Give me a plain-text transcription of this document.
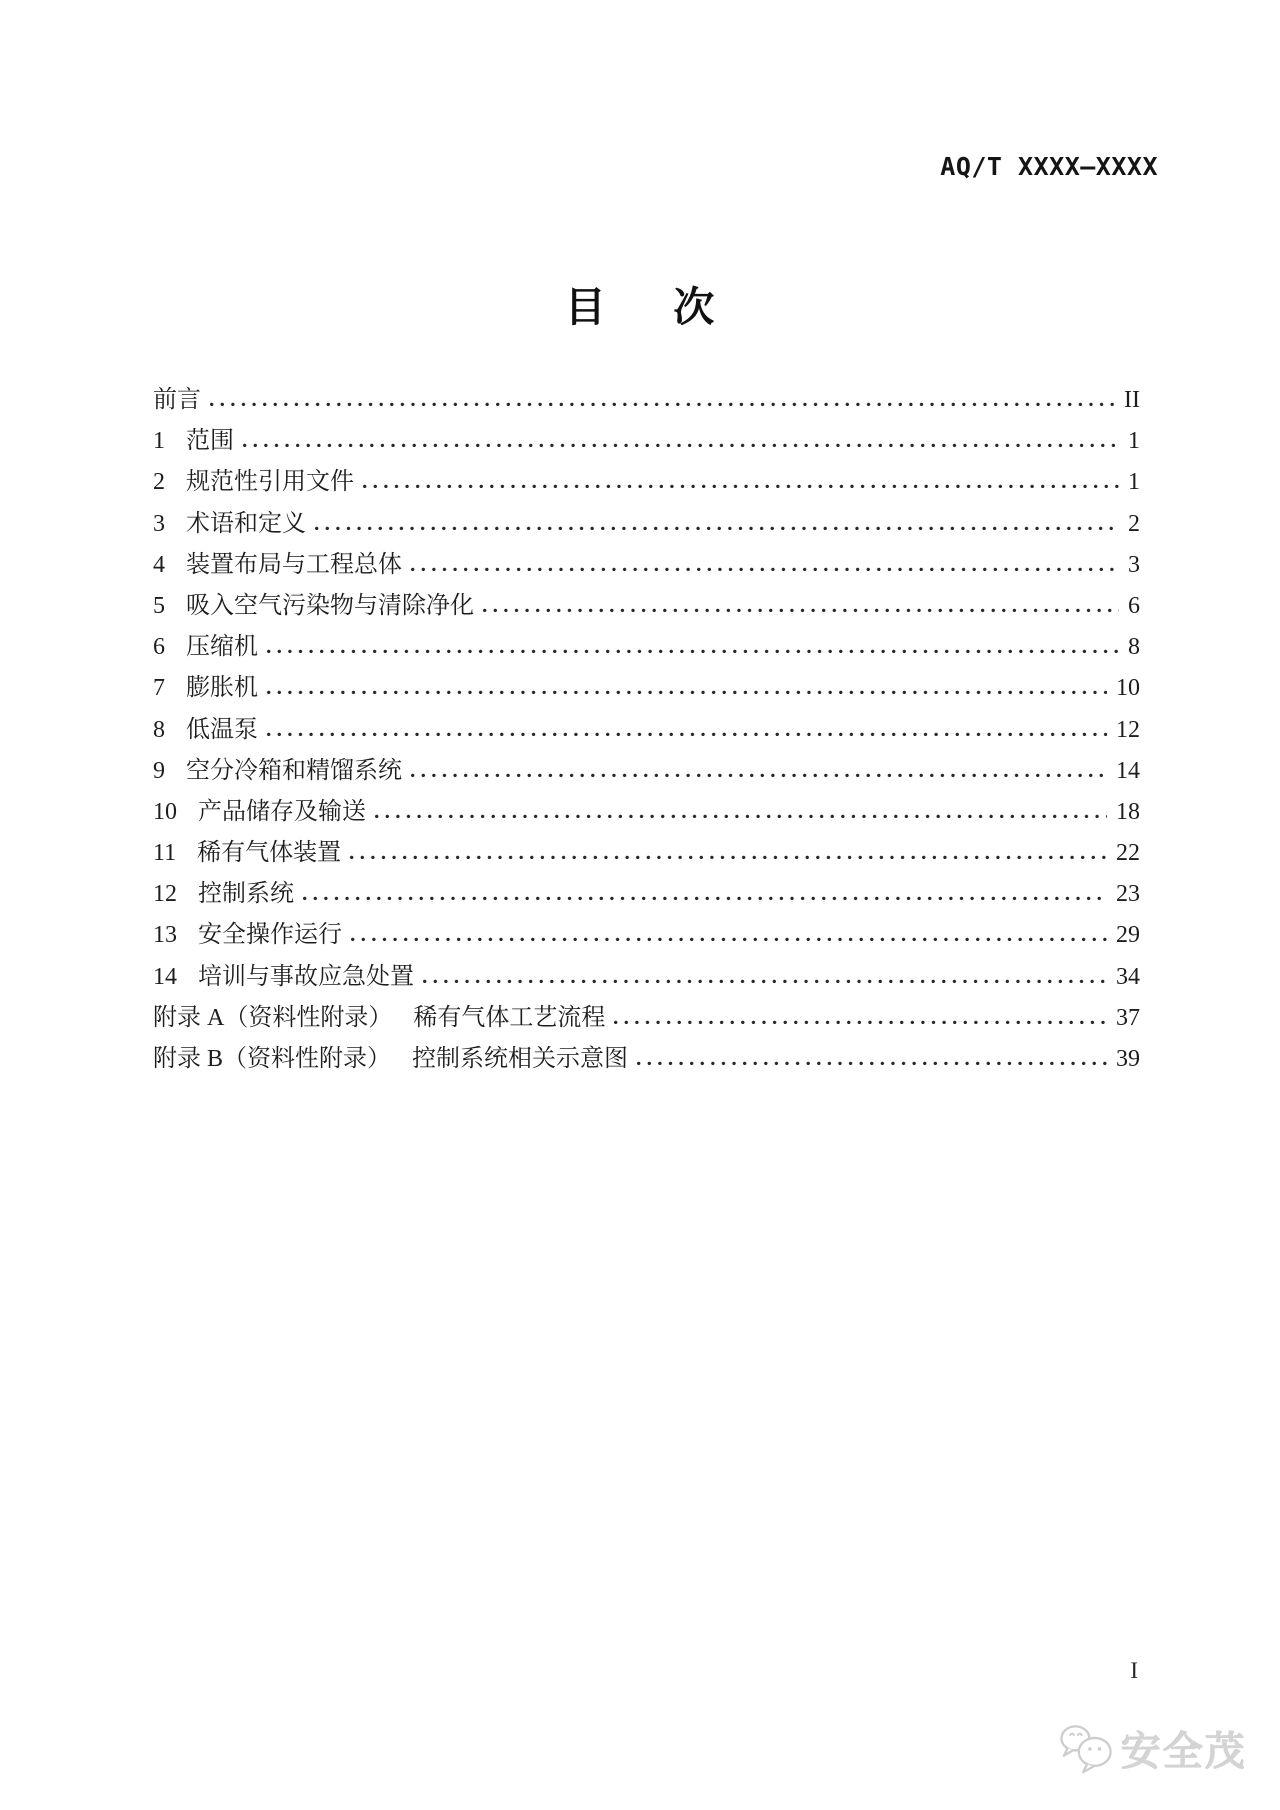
AQ/T XXXX—XXXX
目 次
前言	II
1 范围	1
2 规范性引用文件	1
3 术语和定义	2
4 装置布局与工程总体	3
5 吸入空气污染物与清除净化	6
6 压缩机	8
7 膨胀机	10
8 低温泵	12
9 空分冷箱和精馏系统	14
10 产品储存及输送	18
11 稀有气体装置	22
12 控制系统	23
13 安全操作运行	29
14 培训与事故应急处置	34
附录 A（资料性附录） 稀有气体工艺流程	37
附录 B（资料性附录） 控制系统相关示意图	39
I
安全茂
